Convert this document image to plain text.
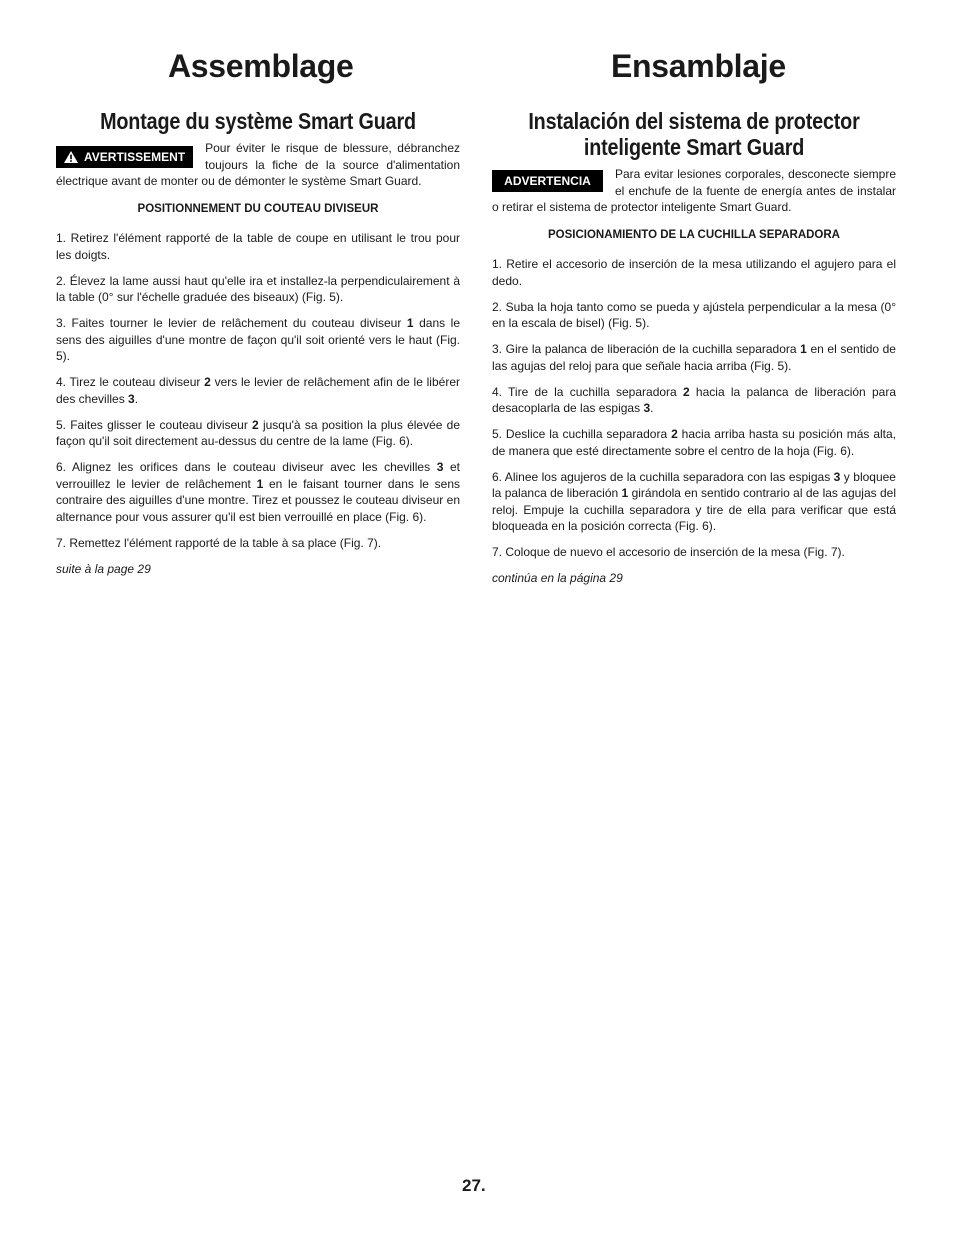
Assemblage	Ensamblaje
Montage du système Smart Guard
AVERTISSEMENT
Pour éviter le risque de blessure, débranchez toujours la fiche de la source d'alimentation électrique avant de monter ou de démonter le système Smart Guard.

POSITIONNEMENT DU COUTEAU DIVISEUR

1. Retirez l'élément rapporté de la table de coupe en utilisant le trou pour les doigts.
2. Élevez la lame aussi haut qu'elle ira et installez-la perpendiculairement à la table (0° sur l'échelle graduée des biseaux) (Fig. 5).
3. Faites tourner le levier de relâchement du couteau diviseur 1 dans le sens des aiguilles d'une montre de façon qu'il soit orienté vers le haut (Fig. 5).
4. Tirez le couteau diviseur 2 vers le levier de relâchement afin de le libérer des chevilles 3.
5. Faites glisser le couteau diviseur 2 jusqu'à sa position la plus élevée de façon qu'il soit directement au-dessus du centre de la lame (Fig. 6).
6. Alignez les orifices dans le couteau diviseur avec les chevilles 3 et verrouillez le levier de relâchement 1 en le faisant tourner dans le sens contraire des aiguilles d'une montre. Tirez et poussez le couteau diviseur en alternance pour vous assurer qu'il est bien verrouillé en place (Fig. 6).
7. Remettez l'élément rapporté de la table à sa place (Fig. 7).

suite à la page 29

Instalación del sistema de protector
inteligente Smart Guard
ADVERTENCIA Para evitar lesiones corporales, desconecte siempre el enchufe de la fuente de energía antes de instalar o retirar el sistema de protector inteligente Smart Guard.

POSICIONAMIENTO DE LA CUCHILLA SEPARADORA

1. Retire el accesorio de inserción de la mesa utilizando el agujero para el dedo.
2. Suba la hoja tanto como se pueda y ajústela perpendicular a la mesa (0° en la escala de bisel) (Fig. 5).
3. Gire la palanca de liberación de la cuchilla separadora 1 en el sentido de las agujas del reloj para que señale hacia arriba (Fig. 5).
4. Tire de la cuchilla separadora 2 hacia la palanca de liberación para desacoplarla de las espigas 3.
5. Deslice la cuchilla separadora 2 hacia arriba hasta su posición más alta, de manera que esté directamente sobre el centro de la hoja (Fig. 6).
6. Alinee los agujeros de la cuchilla separadora con las espigas 3 y bloquee la palanca de liberación 1 girándola en sentido contrario al de las agujas del reloj. Empuje la cuchilla separadora y tire de ella para verificar que está bloqueada en la posición correcta (Fig. 6).
7. Coloque de nuevo el accesorio de inserción de la mesa (Fig. 7).

continúa en la página 29

27.
